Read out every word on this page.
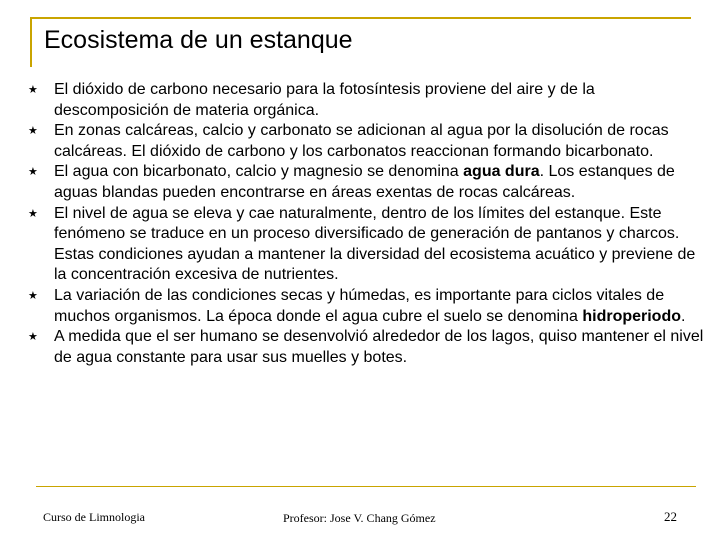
Ecosistema de un estanque
★ El dióxido de carbono necesario para la fotosíntesis proviene del aire y de la descomposición de materia orgánica.
★ En zonas calcáreas, calcio y carbonato se adicionan al agua por la disolución de rocas calcáreas. El dióxido de carbono y los carbonatos reaccionan formando bicarbonato.
★ El agua con bicarbonato, calcio y magnesio se denomina agua dura. Los estanques de aguas blandas pueden encontrarse en áreas exentas de rocas calcáreas.
★ El nivel de agua se eleva y cae naturalmente, dentro de los límites del estanque. Este fenómeno se traduce en un proceso diversificado de generación de pantanos y charcos. Estas condiciones ayudan a mantener la diversidad del ecosistema acuático y previene de la concentración excesiva de nutrientes.
★ La variación de las condiciones secas y húmedas, es importante para ciclos vitales de muchos organismos. La época donde el agua cubre el suelo se denomina hidroperiodo.
★ A medida que el ser humano se desenvolvió alrededor de los lagos, quiso mantener el nivel de agua constante para usar sus muelles y botes.
Curso de Limnologia	Profesor: Jose V. Chang Gómez	22
